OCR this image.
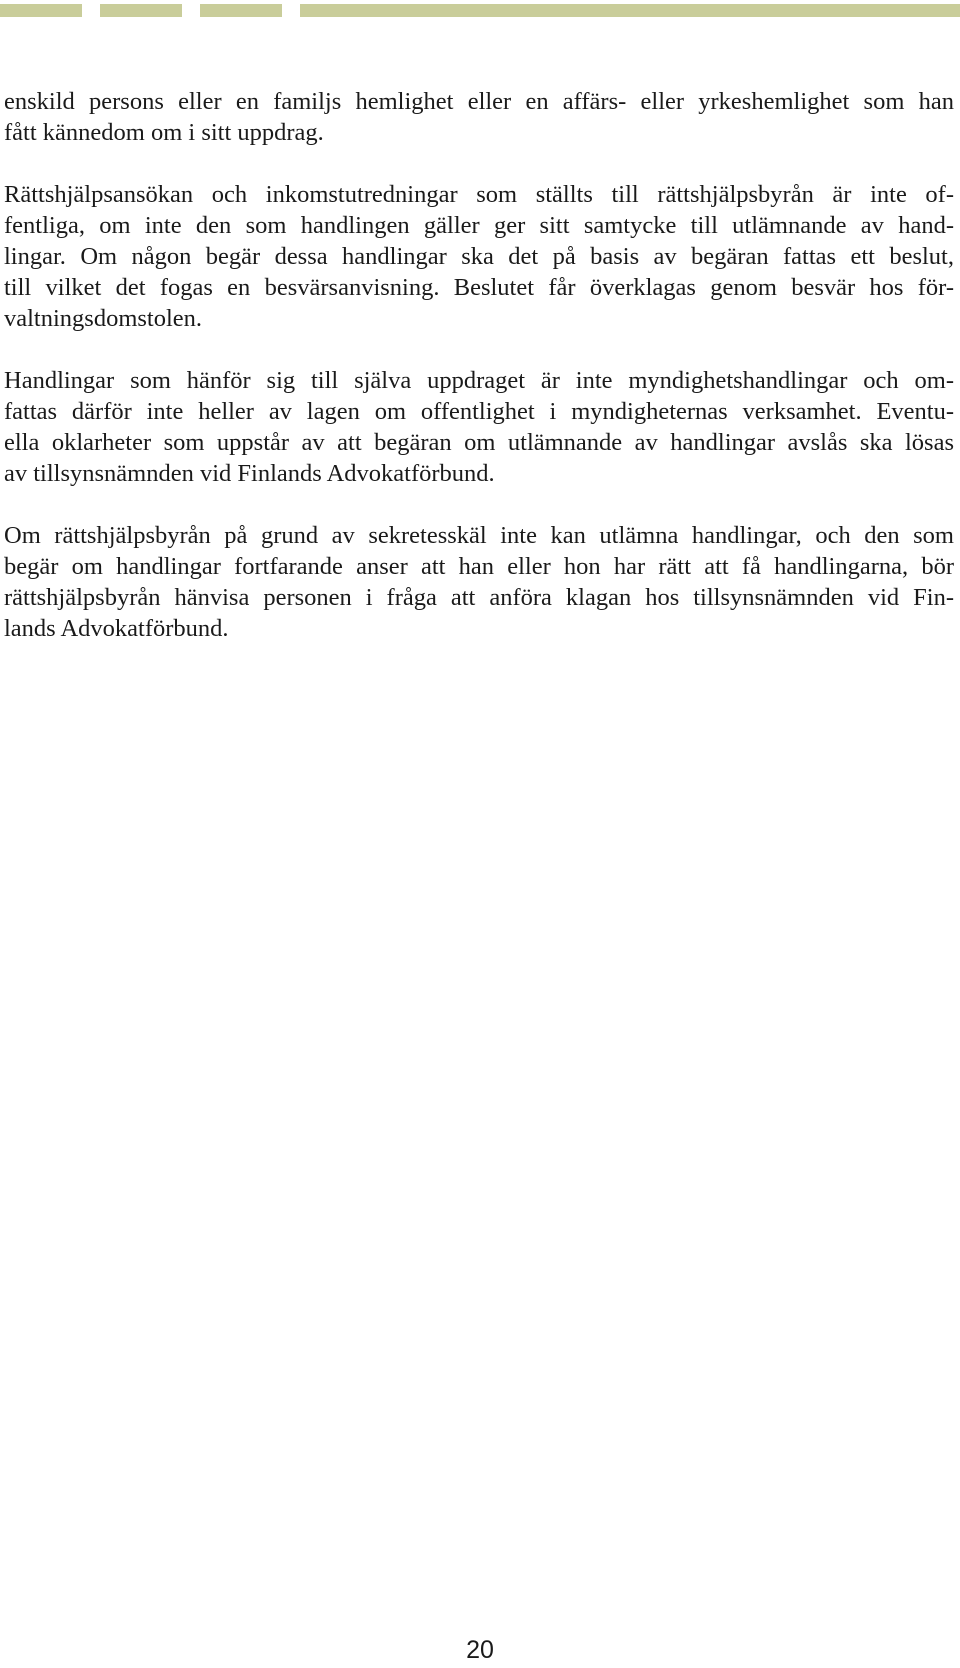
enskild persons eller en familjs hemlighet eller en affärs- eller yrkeshemlighet som han
fått kännedom om i sitt uppdrag.

Rättshjälpsansökan och inkomstutredningar som ställts till rättshjälpsbyrån är inte of-
fentliga, om inte den som handlingen gäller ger sitt samtycke till utlämnande av hand-
lingar. Om någon begär dessa handlingar ska det på basis av begäran fattas ett beslut,
till vilket det fogas en besvärsanvisning. Beslutet får överklagas genom besvär hos för-
valtningsdomstolen.

Handlingar som hänför sig till själva uppdraget är inte myndighetshandlingar och om-
fattas därför inte heller av lagen om offentlighet i myndigheternas verksamhet. Eventu-
ella oklarheter som uppstår av att begäran om utlämnande av handlingar avslås ska lösas
av tillsynsnämnden vid Finlands Advokatförbund.

Om rättshjälpsbyrån på grund av sekretesskäl inte kan utlämna handlingar, och den som
begär om handlingar fortfarande anser att han eller hon har rätt att få handlingarna, bör
rättshjälpsbyrån hänvisa personen i fråga att anföra klagan hos tillsynsnämnden vid Fin-
lands Advokatförbund.

20
